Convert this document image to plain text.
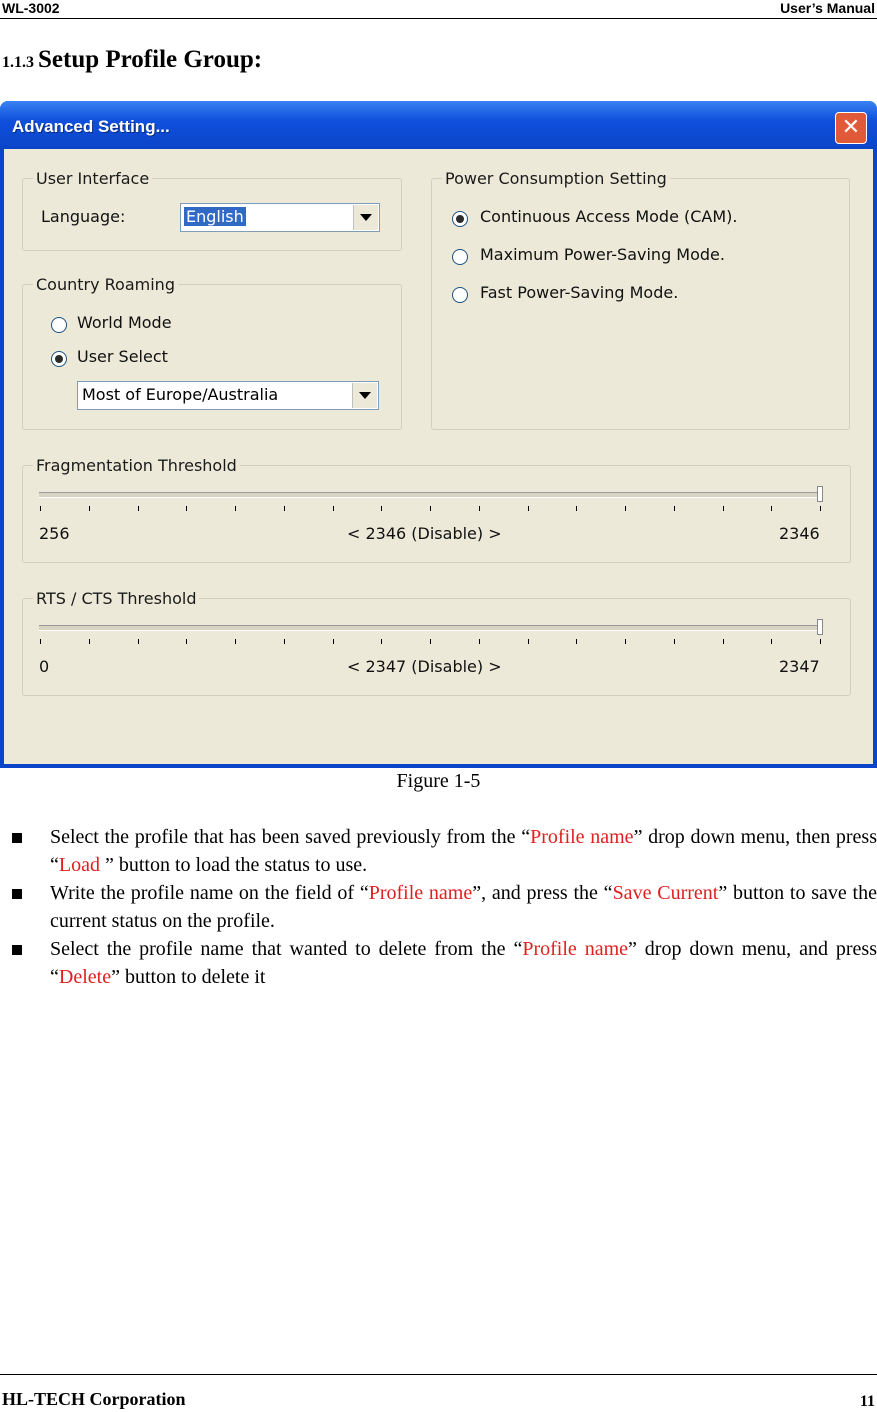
WL-3002	User’s Manual
1.1.3 Setup Profile Group:
Advanced Setting...	✕
User Interface
Language:	English
Country Roaming
World Mode
User Select
Most of Europe/Australia
Power Consumption Setting
Continuous Access Mode (CAM).
Maximum Power-Saving Mode.
Fast Power-Saving Mode.
Fragmentation Threshold
256	< 2346 (Disable) >	2346
RTS / CTS Threshold
0	< 2347 (Disable) >	2347
Figure 1-5
Select the profile that has been saved previously from the “Profile name” drop down menu, then press “Load ” button to load the status to use.
Write the profile name on the field of “Profile name”, and press the “Save Current” button to save the current status on the profile.
Select the profile name that wanted to delete from the “Profile name” drop down menu, and press “Delete” button to delete it
HL-TECH Corporation	11
